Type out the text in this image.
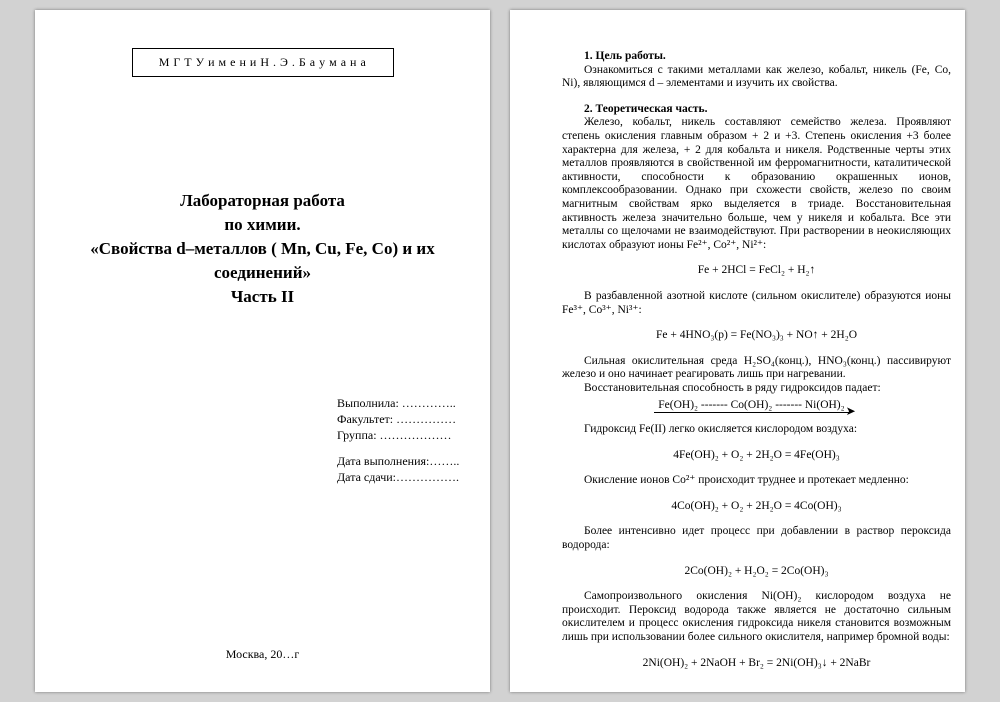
М Г Т У и м е н и Н . Э . Б а у м а н а
Лабораторная работа
по химии.
«Свойства d–металлов ( Mn, Cu, Fe, Co) и их
соединений»
Часть II
Выполнила: …………..
Факультет: ……………
Группа: ………………
Дата выполнения:……..
Дата сдачи:…………….
Москва, 20…г
1. Цель работы.
Ознакомиться с такими металлами как железо, кобальт, никель (Fe, Co, Ni), являющимся d – элементами и изучить их свойства.
2. Теоретическая часть.
Железо, кобальт, никель составляют семейство железа. Проявляют степень окисления главным образом + 2 и +3. Степень окисления +3 более характерна для железа, + 2 для кобальта и никеля. Родственные черты этих металлов проявляются в свойственной им ферромагнитности, каталитической активности, способности к образованию окрашенных ионов, комплексообразовании. Однако при схожести свойств, железо по своим магнитным свойствам ярко выделяется в триаде. Восстановительная активность железа значительно больше, чем у никеля и кобальта. Все эти металлы со щелочами не взаимодействуют. При растворении в неокисляющих кислотах образуют ионы Fe²⁺, Co²⁺, Ni²⁺:
Fe + 2HCl = FeCl₂ + H₂↑
В разбавленной азотной кислоте (сильном окислителе) образуются ионы Fe³⁺, Co³⁺, Ni³⁺:
Fe + 4HNO₃(р) = Fe(NO₃)₃ + NO↑ + 2H₂O
Сильная окислительная среда H₂SO₄(конц.), HNO₃(конц.) пассивируют железо и оно начинает реагировать лишь при нагревании.
Восстановительная способность в ряду гидроксидов падает:
Fe(OH)₂ ------- Co(OH)₂ ------- Ni(OH)₂➤
Гидроксид Fe(II) легко окисляется кислородом воздуха:
4Fe(OH)₂ + O₂ + 2H₂O = 4Fe(OH)₃
Окисление ионов Co²⁺ происходит труднее и протекает медленно:
4Co(OH)₂ + O₂ + 2H₂O = 4Co(OH)₃
Более интенсивно идет процесс при добавлении в раствор пероксида водорода:
2Co(OH)₂ + H₂O₂ = 2Co(OH)₃
Самопроизвольного окисления Ni(OH)₂ кислородом воздуха не происходит. Пероксид водорода также является не достаточно сильным окислителем и процесс окисления гидроксида никеля становится возможным лишь при использовании более сильного окислителя, например бромной воды:
2Ni(OH)₂ + 2NaOH + Br₂ = 2Ni(OH)₃↓ + 2NaBr
